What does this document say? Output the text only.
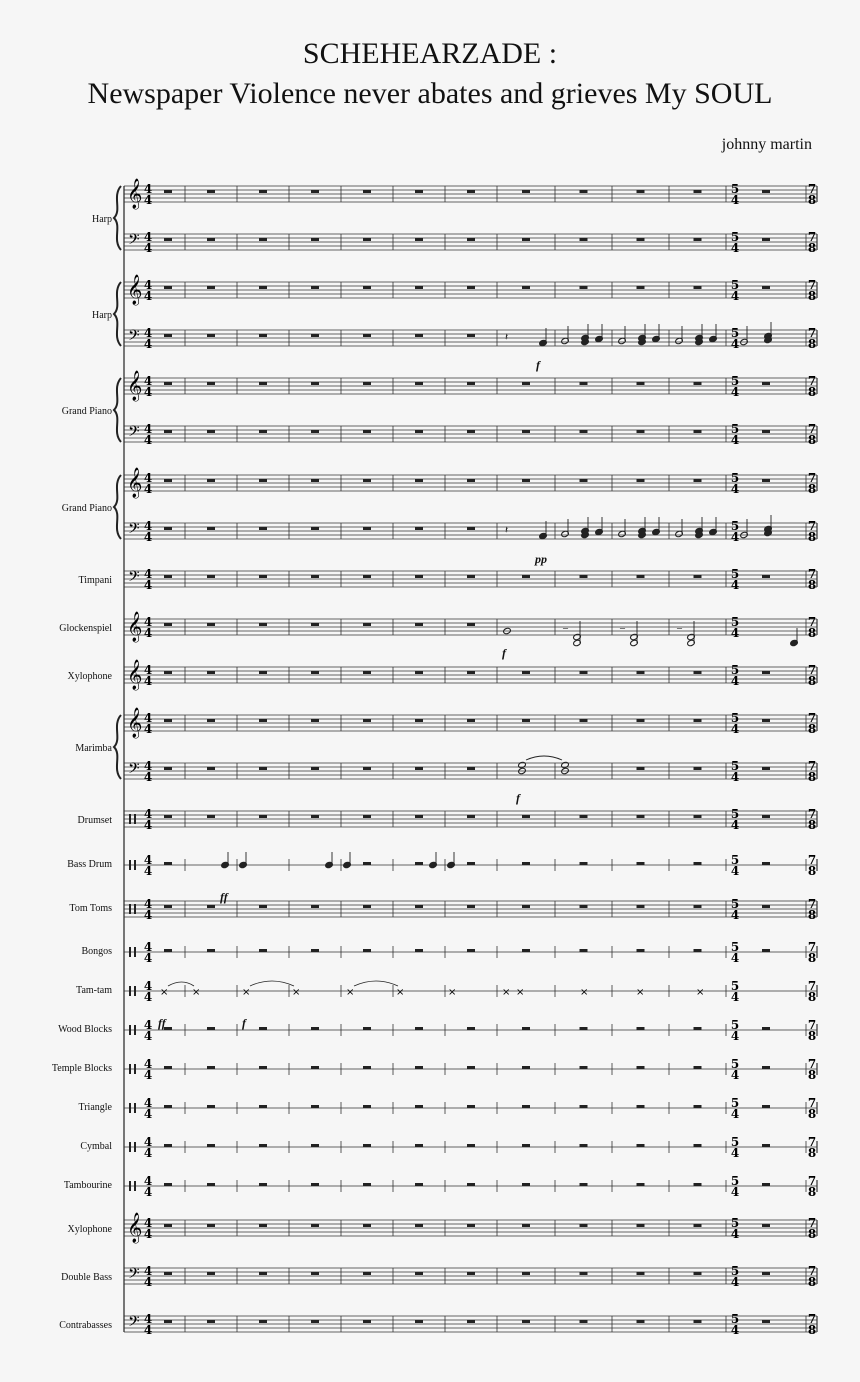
SCHEHEARZADE :
Newspaper Violence never abates and grieves My SOUL
johnny martin
Harp
Harp
Grand Piano
Grand Piano
Timpani
Glockenspiel
Xylophone
Marimba
Drumset
Bass Drum
Tom Toms
Bongos
Tam-tam
Wood Blocks
Temple Blocks
Triangle
Cymbal
Tambourine
Xylophone
Double Bass
Contrabasses
𝄞 4
4
5
4
7
8
𝄢 4
4
5
4
7
8
𝄞 4
4
5
4
7
8
𝄢 4
4
5
4
7
8
𝄞 4
4
5
4
7
8
𝄢 4
4
5
4
7
8
𝄞 4
4
5
4
7
8
𝄢 4
4
5
4
7
8
𝄢 4
4
5
4
7
8
𝄞 4
4
5
4
7
8
𝄞 4
4
5
4
7
8
𝄞 4
4
5
4
7
8
𝄢 4
4
5
4
7
8
4
4
5
4
7
8
4
4
5
4
7
8
4
4
5
4
7
8
4
4
5
4
7
8
4
4
5
4
7
8
4
4
5
4
7
8
4
4
5
4
7
8
4
4
5
4
7
8
4
4
5
4
7
8
4
4
5
4
7
8
𝄞 4
4
5
4
7
8
𝄢 4
4
5
4
7
8
𝄢 4
4
5
4
7
8
𝄽
𝄽
–	–	–
× ×	×	×	×	×	×	× ×	×	×	×
f
pp
f
f
ff
ff	f
